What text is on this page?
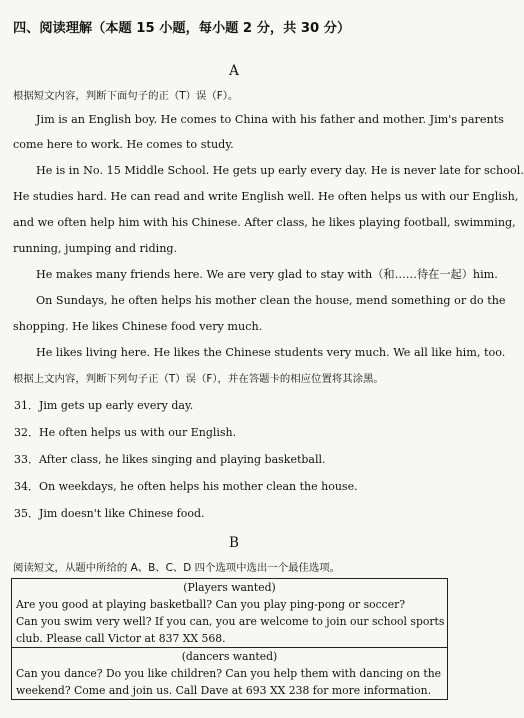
四、阅读理解（本题 15 小题，每小题 2 分，共 30 分）
A
根据短文内容，判断下面句子的正（T）误（F）。
Jim is an English boy. He comes to China with his father and mother. Jim's parents
come here to work. He comes to study.
He is in No. 15 Middle School. He gets up early every day. He is never late for school.
He studies hard. He can read and write English well. He often helps us with our English,
and we often help him with his Chinese. After class, he likes playing football, swimming,
running, jumping and riding.
He makes many friends here. We are very glad to stay with（和……待在一起）him.
On Sundays, he often helps his mother clean the house, mend something or do the
shopping. He likes Chinese food very much.
He likes living here. He likes the Chinese students very much. We all like him, too.
根据上文内容，判断下列句子正（T）误（F），并在答题卡的相应位置将其涂黑。
31．Jim gets up early every day.
32．He often helps us with our English.
33．After class, he likes singing and playing basketball.
34．On weekdays, he often helps his mother clean the house.
35．Jim doesn't like Chinese food.
B
阅读短文，从题中所给的 A、B、C、D 四个选项中选出一个最佳选项。
(Players wanted)
Are you good at playing basketball? Can you play ping-pong or soccer?
Can you swim very well? If you can, you are welcome to join our school sports
club. Please call Victor at 837 XX 568.
(dancers wanted)
Can you dance? Do you like children? Can you help them with dancing on the
weekend? Come and join us. Call Dave at 693 XX 238 for more information.
